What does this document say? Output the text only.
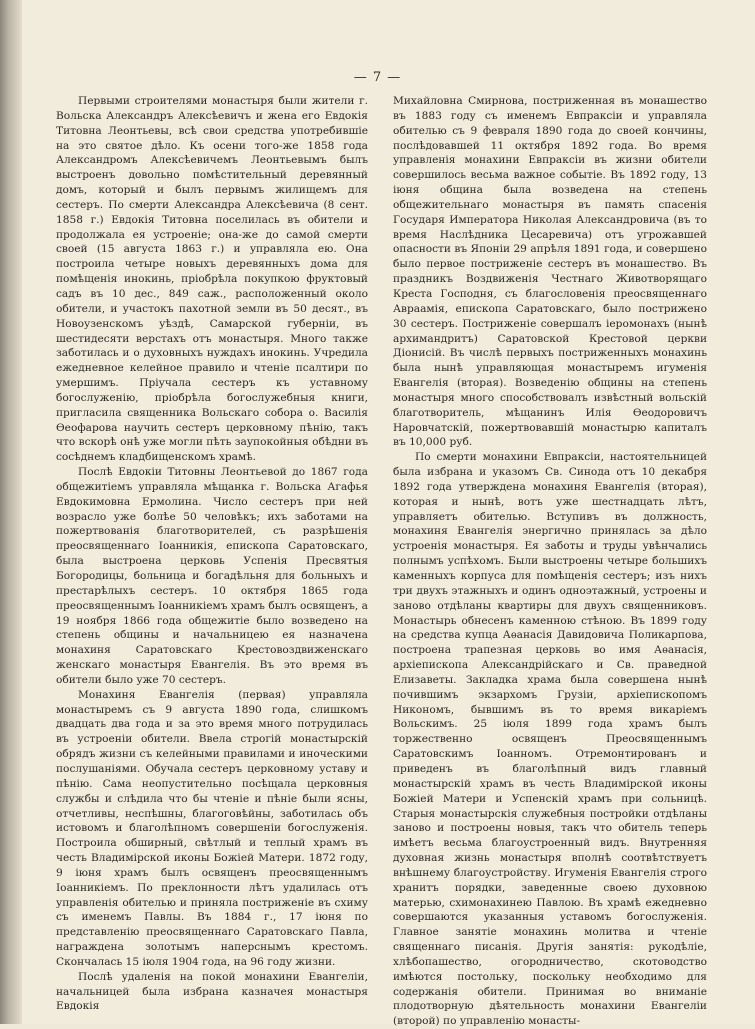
— 7 —

Первыми строителями монастыря были жители г. Вольска Александръ Алексѣевичъ и жена его Евдокія Титовна Леонтьевы, всѣ свои средства употребившіе на это святое дѣло. Къ осени того-же 1858 года Александромъ Алексѣевичемъ Леонтьевымъ былъ выстроенъ довольно помѣстительный деревянный домъ, который и былъ первымъ жилищемъ для сестеръ. По смерти Александра Алексѣевича (8 сент. 1858 г.) Евдокія Титовна поселилась въ обители и продолжала ея устроеніе; она-же до самой смерти своей (15 августа 1863 г.) и управляла ею. Она построила четыре новыхъ деревянныхъ дома для помѣщенія инокинь, пріобрѣла покупкою фруктовый садъ въ 10 дес., 849 саж., расположенный около обители, и участокъ пахотной земли въ 50 десят., въ Новоузенскомъ уѣздѣ, Самарской губерніи, въ шестидесяти верстахъ отъ монастыря. Много также заботилась и о духовныхъ нуждахъ инокинь. Учредила ежедневное келейное правило и чтеніе псалтири по умершимъ. Пріучала сестеръ къ уставному богослуженію, пріобрѣла богослужебныя книги, пригласила священника Вольскаго собора о. Василія Ѳеофарова научить сестеръ церковному пѣнію, такъ что вскорѣ онѣ уже могли пѣть заупокойныя обѣдни въ сосѣднемъ кладбищенскомъ храмѣ.

Послѣ Евдокіи Титовны Леонтьевой до 1867 года общежитіемъ управляла мѣщанка г. Вольска Агафья Евдокимовна Ермолина. Число сестеръ при ней возрасло уже болѣе 50 человѣкъ; ихъ заботами на пожертвованія благотворителей, съ разрѣшенія преосвященнаго Іоанникія, епископа Саратовскаго, была выстроена церковь Успенія Пресвятыя Богородицы, больница и богадѣльня для больныхъ и престарѣлыхъ сестеръ. 10 октября 1865 года преосвященнымъ Іоанникіемъ храмъ былъ освященъ, а 19 ноября 1866 года общежитіе было возведено на степень общины и начальницею ея назначена монахиня Саратовскаго Крестовоздвиженскаго женскаго монастыря Евангелія. Въ это время въ обители было уже 70 сестеръ.

Монахиня Евангелія (первая) управляла монастыремъ съ 9 августа 1890 года, слишкомъ двадцать два года и за это время много потрудилась въ устроеніи обители. Ввела строгій монастырскій обрядъ жизни съ келейными правилами и иноческими послушаніями. Обучала сестеръ церковному уставу и пѣнію. Сама неопустительно посѣщала церковныя службы и слѣдила что бы чтеніе и пѣніе были ясны, отчетливы, неспѣшны, благоговѣйны, заботилась объ истовомъ и благолѣпномъ совершеніи богослуженія. Построила обширный, свѣтлый и теплый храмъ въ честь Владимірской иконы Божіей Матери. 1872 году, 9 іюня храмъ былъ освященъ преосвященнымъ Іоанникіемъ. По преклонности лѣтъ удалилась отъ управленія обителью и приняла постриженіе въ схиму съ именемъ Павлы. Въ 1884 г., 17 іюня по представленію преосвященнаго Саратовскаго Павла, награждена золотымъ наперснымъ крестомъ. Скончалась 15 іюля 1904 года, на 96 году жизни.

Послѣ удаленія на покой монахини Евангеліи, начальницей была избрана казначея монастыря Евдокія

Михайловна Смирнова, постриженная въ монашество въ 1883 году съ именемъ Евпраксіи и управляла обителью съ 9 февраля 1890 года до своей кончины, послѣдовавшей 11 октября 1892 года. Во время управленія монахини Евпраксіи въ жизни обители совершилось весьма важное событіе. Въ 1892 году, 13 іюня община была возведена на степень общежительнаго монастыря въ память спасенія Государя Императора Николая Александровича (въ то время Наслѣдника Цесаревича) отъ угрожавшей опасности въ Японіи 29 апрѣля 1891 года, и совершено было первое постриженіе сестеръ въ монашество. Въ праздникъ Воздвиженія Честнаго Животворящаго Креста Господня, съ благословенія преосвященнаго Авраамія, епископа Саратовскаго, было пострижено 30 сестеръ. Постриженіе совершалъ іеромонахъ (нынѣ архимандритъ) Саратовской Крестовой церкви Діонисій. Въ числѣ первыхъ постриженныхъ монахинь была нынѣ управляющая монастыремъ игуменія Евангелія (вторая). Возведенію общины на степень монастыря много способствовалъ извѣстный вольскій благотворитель, мѣщанинъ Илія Ѳеодоровичъ Наровчатскій, пожертвовавшій монастырю капиталъ въ 10,000 руб.

По смерти монахини Евпраксіи, настоятельницей была избрана и указомъ Св. Синода отъ 10 декабря 1892 года утверждена монахиня Евангелія (вторая), которая и нынѣ, вотъ уже шестнадцать лѣтъ, управляетъ обителью. Вступивъ въ должность, монахиня Евангелія энергично принялась за дѣло устроенія монастыря. Ея заботы и труды увѣнчались полнымъ успѣхомъ. Были выстроены четыре большихъ каменныхъ корпуса для помѣщенія сестеръ; изъ нихъ три двухъ этажныхъ и одинъ одноэтажный, устроены и заново отдѣланы квартиры для двухъ священниковъ. Монастырь обнесенъ каменною стѣною. Въ 1899 году на средства купца Аѳанасія Давидовича Поликарпова, построена трапезная церковь во имя Аѳанасія, архіепископа Александрійскаго и Св. праведной Елизаветы. Закладка храма была совершена нынѣ почившимъ экзархомъ Грузіи, архіепископомъ Никономъ, бывшимъ въ то время викаріемъ Вольскимъ. 25 іюля 1899 года храмъ былъ торжественно освященъ Преосвященнымъ Саратовскимъ Іоанномъ. Отремонтированъ и приведенъ въ благолѣпный видъ главный монастырскій храмъ въ честь Владимірской иконы Божіей Матери и Успенскій храмъ при сольницѣ. Старыя монастырскія служебныя постройки отдѣланы заново и построены новыя, такъ что обитель теперь имѣетъ весьма благоустроенный видъ. Внутренняя духовная жизнь монастыря вполнѣ соотвѣтствуетъ внѣшнему благоустройству. Игуменія Евангелія строго хранитъ порядки, заведенные своею духовною матерью, схимонахинею Павлою. Въ храмѣ ежедневно совершаются указанныя уставомъ богослуженія. Главное занятіе монахинь молитва и чтеніе священнаго писанія. Другія занятія: рукодѣліе, хлѣбопашество, огородничество, скотоводство имѣются постольку, поскольку необходимо для содержанія обители. Принимая во вниманіе плодотворную дѣятельность монахини Евангеліи (второй) по управленію монасты-
